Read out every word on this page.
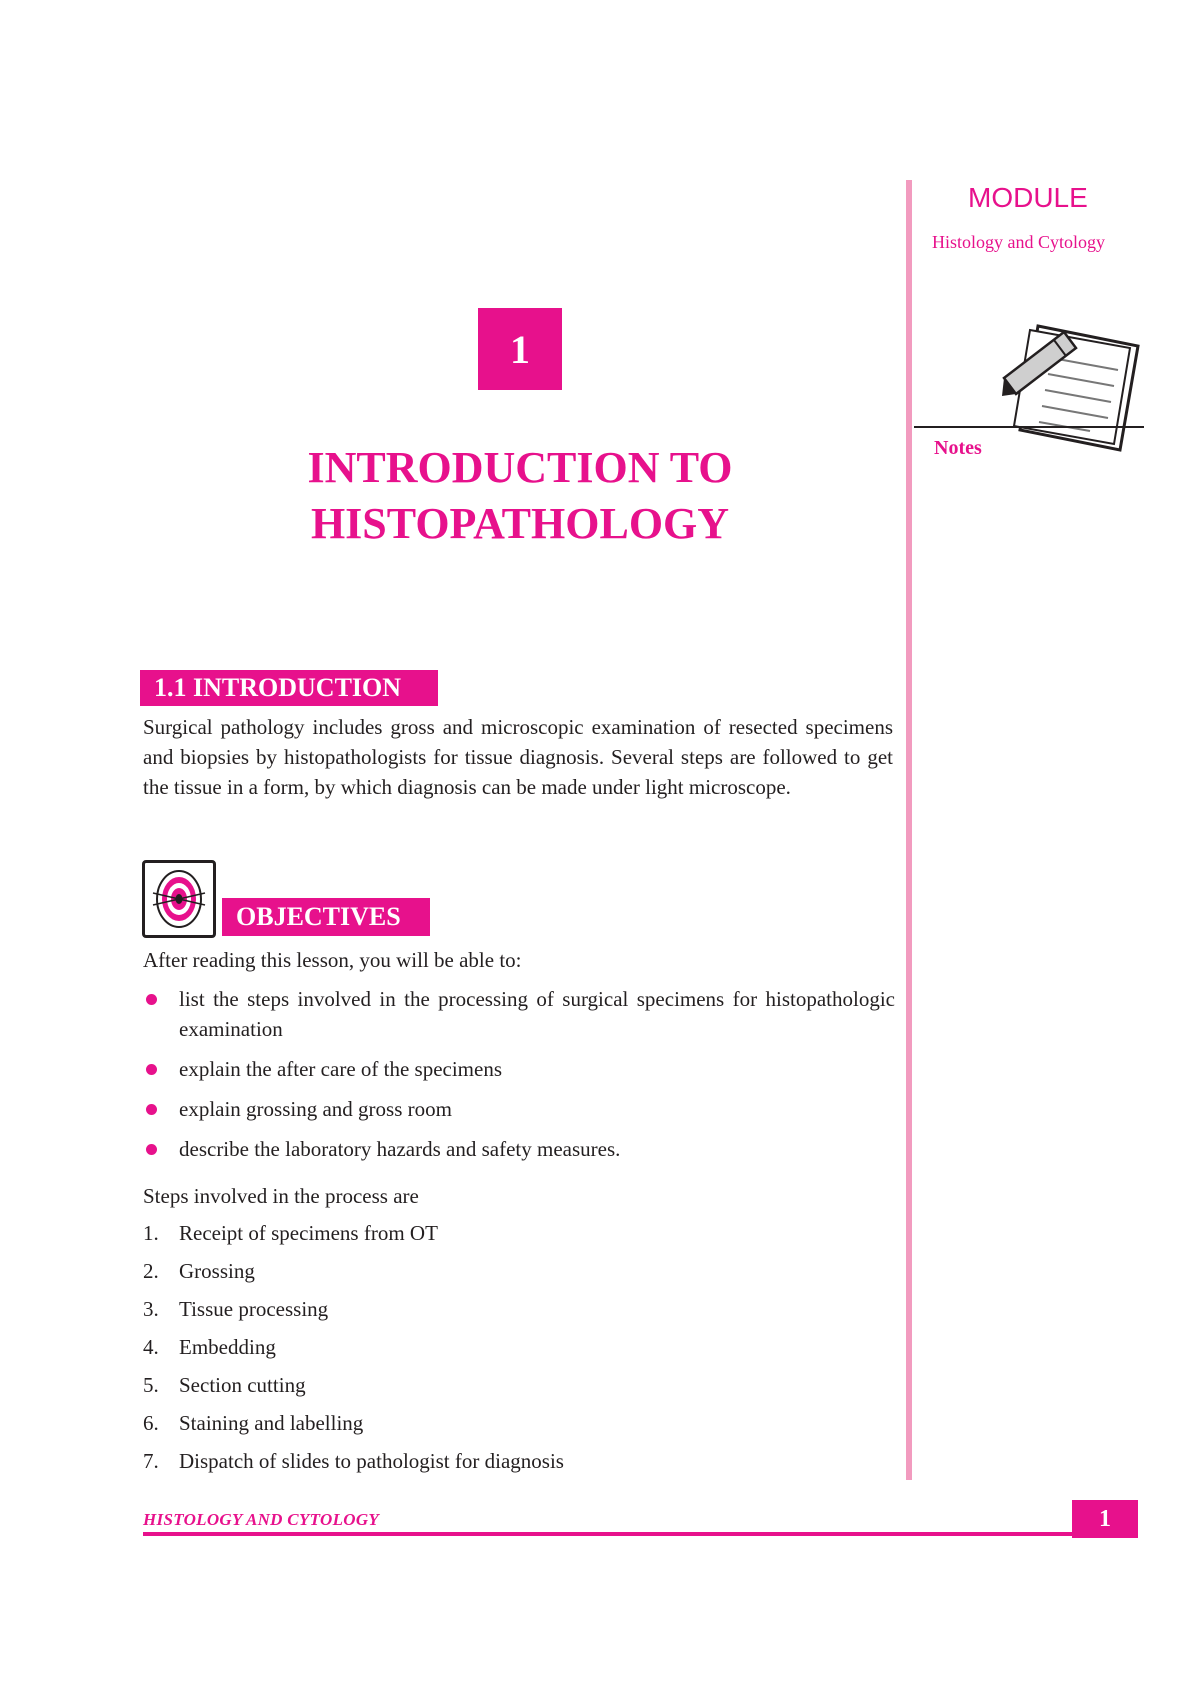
MODULE
Histology and Cytology
Notes
1
INTRODUCTION TO
HISTOPATHOLOGY
1.1 INTRODUCTION
Surgical pathology includes gross and microscopic examination of resected specimens and biopsies by histopathologists for tissue diagnosis. Several steps are followed to get the tissue in a form, by which diagnosis can be made under light microscope.
OBJECTIVES
After reading this lesson, you will be able to:
list the steps involved in the processing of surgical specimens for histopathologic examination
explain the after care of the specimens
explain grossing and gross room
describe the laboratory hazards and safety measures.
Steps involved in the process are
1. Receipt of specimens from OT
2. Grossing
3. Tissue processing
4. Embedding
5. Section cutting
6. Staining and labelling
7. Dispatch of slides to pathologist for diagnosis
HISTOLOGY AND CYTOLOGY	1
